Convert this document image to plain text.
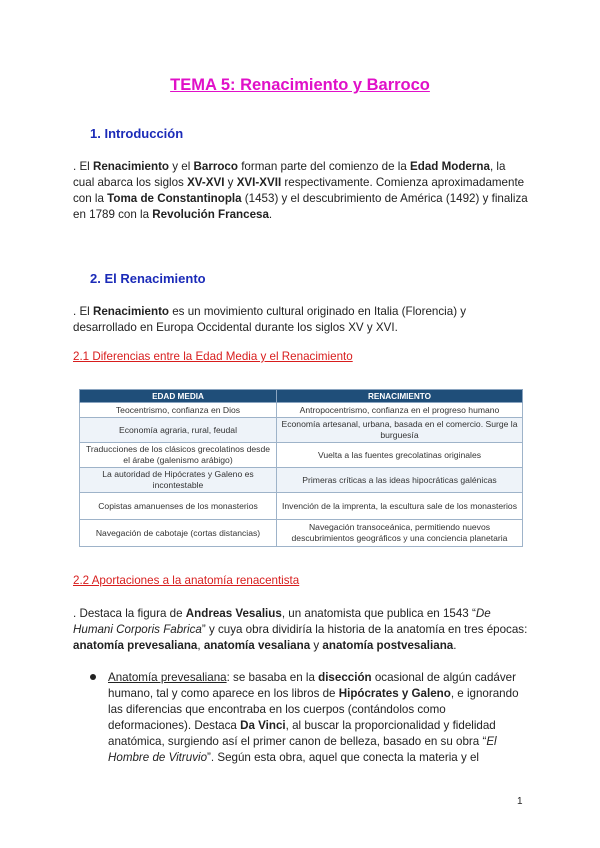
TEMA 5: Renacimiento y Barroco
1. Introducción
. El Renacimiento y el Barroco forman parte del comienzo de la Edad Moderna, la cual abarca los siglos XV-XVI y XVI-XVII respectivamente. Comienza aproximadamente con la Toma de Constantinopla (1453) y el descubrimiento de América (1492) y finaliza en 1789 con la Revolución Francesa.
2. El Renacimiento
. El Renacimiento es un movimiento cultural originado en Italia (Florencia) y desarrollado en Europa Occidental durante los siglos XV y XVI.
2.1 Diferencias entre la Edad Media y el Renacimiento
EDAD MEDIA	RENACIMIENTO
Teocentrismo, confianza en Dios	Antropocentrismo, confianza en el progreso humano
Economía agraria, rural, feudal	Economía artesanal, urbana, basada en el comercio. Surge la burguesía
Traducciones de los clásicos grecolatinos desde el árabe (galenismo arábigo)	Vuelta a las fuentes grecolatinas originales
La autoridad de Hipócrates y Galeno es incontestable	Primeras críticas a las ideas hipocráticas galénicas
Copistas amanuenses de los monasterios	Invención de la imprenta, la escultura sale de los monasterios
Navegación de cabotaje (cortas distancias)	Navegación transoceánica, permitiendo nuevos descubrimientos geográficos y una conciencia planetaria
2.2 Aportaciones a la anatomía renacentista
. Destaca la figura de Andreas Vesalius, un anatomista que publica en 1543 “De Humani Corporis Fabrica” y cuya obra dividiría la historia de la anatomía en tres épocas: anatomía prevesaliana, anatomía vesaliana y anatomía postvesaliana.
Anatomía prevesaliana: se basaba en la disección ocasional de algún cadáver humano, tal y como aparece en los libros de Hipócrates y Galeno, e ignorando las diferencias que encontraba en los cuerpos (contándolos como deformaciones). Destaca Da Vinci, al buscar la proporcionalidad y fidelidad anatómica, surgiendo así el primer canon de belleza, basado en su obra “El Hombre de Vitruvio”. Según esta obra, aquel que conecta la materia y el
1
